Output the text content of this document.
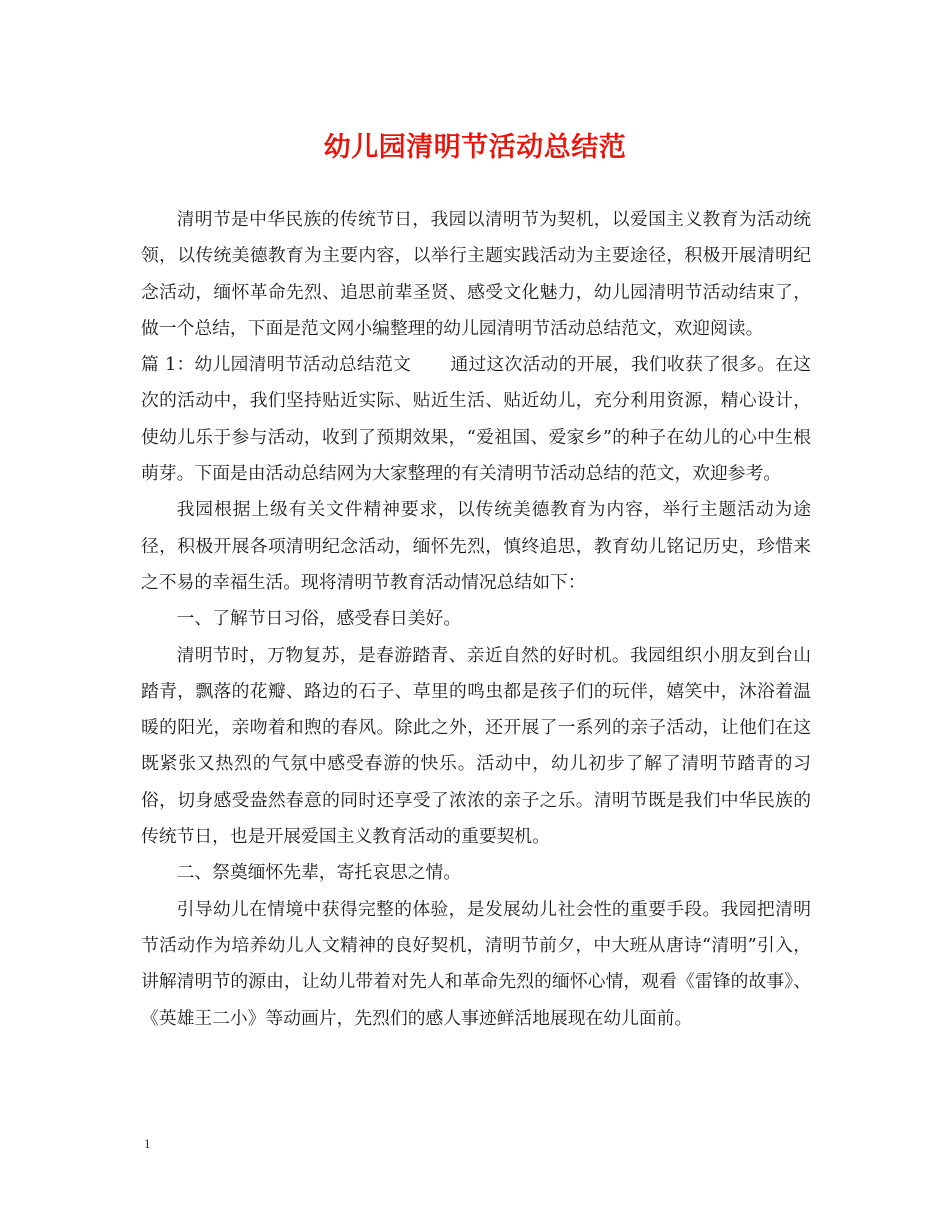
幼儿园清明节活动总结范

清明节是中华民族的传统节日，我园以清明节为契机，以爱国主义教育为活动统领，以传统美德教育为主要内容，以举行主题实践活动为主要途径，积极开展清明纪念活动，缅怀革命先烈、追思前辈圣贤、感受文化魅力，幼儿园清明节活动结束了，做一个总结，下面是范文网小编整理的幼儿园清明节活动总结范文，欢迎阅读。

篇 1：幼儿园清明节活动总结范文 通过这次活动的开展，我们收获了很多。在这次的活动中，我们坚持贴近实际、贴近生活、贴近幼儿，充分利用资源，精心设计，使幼儿乐于参与活动，收到了预期效果，“爱祖国、爱家乡”的种子在幼儿的心中生根萌芽。下面是由活动总结网为大家整理的有关清明节活动总结的范文，欢迎参考。

我园根据上级有关文件精神要求，以传统美德教育为内容，举行主题活动为途径，积极开展各项清明纪念活动，缅怀先烈，慎终追思，教育幼儿铭记历史，珍惜来之不易的幸福生活。现将清明节教育活动情况总结如下：

一、了解节日习俗，感受春日美好。

清明节时，万物复苏，是春游踏青、亲近自然的好时机。我园组织小朋友到台山踏青，飘落的花瓣、路边的石子、草里的鸣虫都是孩子们的玩伴，嬉笑中，沐浴着温暖的阳光，亲吻着和煦的春风。除此之外，还开展了一系列的亲子活动，让他们在这既紧张又热烈的气氛中感受春游的快乐。活动中，幼儿初步了解了清明节踏青的习俗，切身感受盎然春意的同时还享受了浓浓的亲子之乐。清明节既是我们中华民族的传统节日，也是开展爱国主义教育活动的重要契机。

二、祭奠缅怀先辈，寄托哀思之情。

引导幼儿在情境中获得完整的体验，是发展幼儿社会性的重要手段。我园把清明节活动作为培养幼儿人文精神的良好契机，清明节前夕，中大班从唐诗“清明”引入，讲解清明节的源由，让幼儿带着对先人和革命先烈的缅怀心情，观看《雷锋的故事》、《英雄王二小》等动画片，先烈们的感人事迹鲜活地展现在幼儿面前。

1
